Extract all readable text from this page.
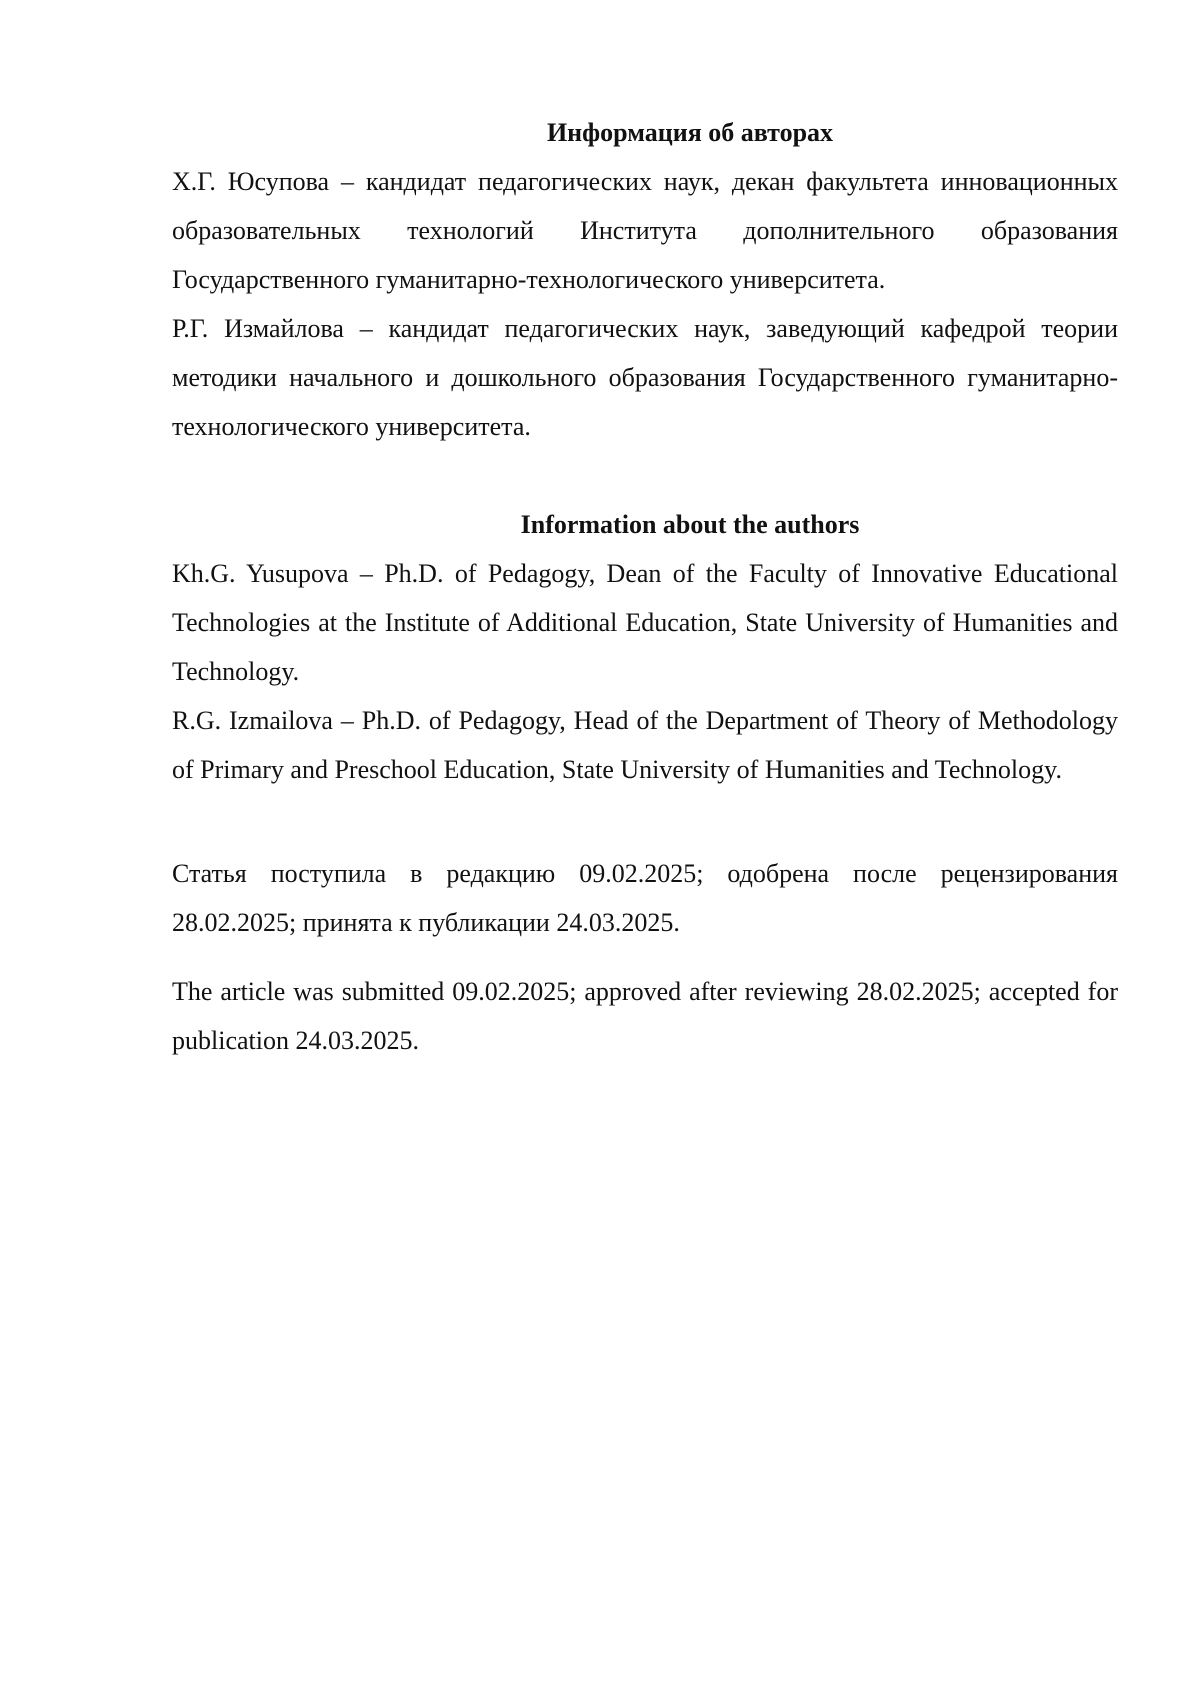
Информация об авторах

Х.Г. Юсупова – кандидат педагогических наук, декан факультета инновационных образовательных технологий Института дополнительного образования Государственного гуманитарно-технологического университета.

Р.Г. Измайлова – кандидат педагогических наук, заведующий кафедрой теории методики начального и дошкольного образования Государственного гуманитарно-технологического университета.

Information about the authors

Kh.G. Yusupova – Ph.D. of Pedagogy, Dean of the Faculty of Innovative Educational Technologies at the Institute of Additional Education, State University of Humanities and Technology.

R.G. Izmailova – Ph.D. of Pedagogy, Head of the Department of Theory of Methodology of Primary and Preschool Education, State University of Humanities and Technology.

Статья поступила в редакцию 09.02.2025; одобрена после рецензирования 28.02.2025; принята к публикации 24.03.2025.

The article was submitted 09.02.2025; approved after reviewing 28.02.2025; accepted for publication 24.03.2025.
